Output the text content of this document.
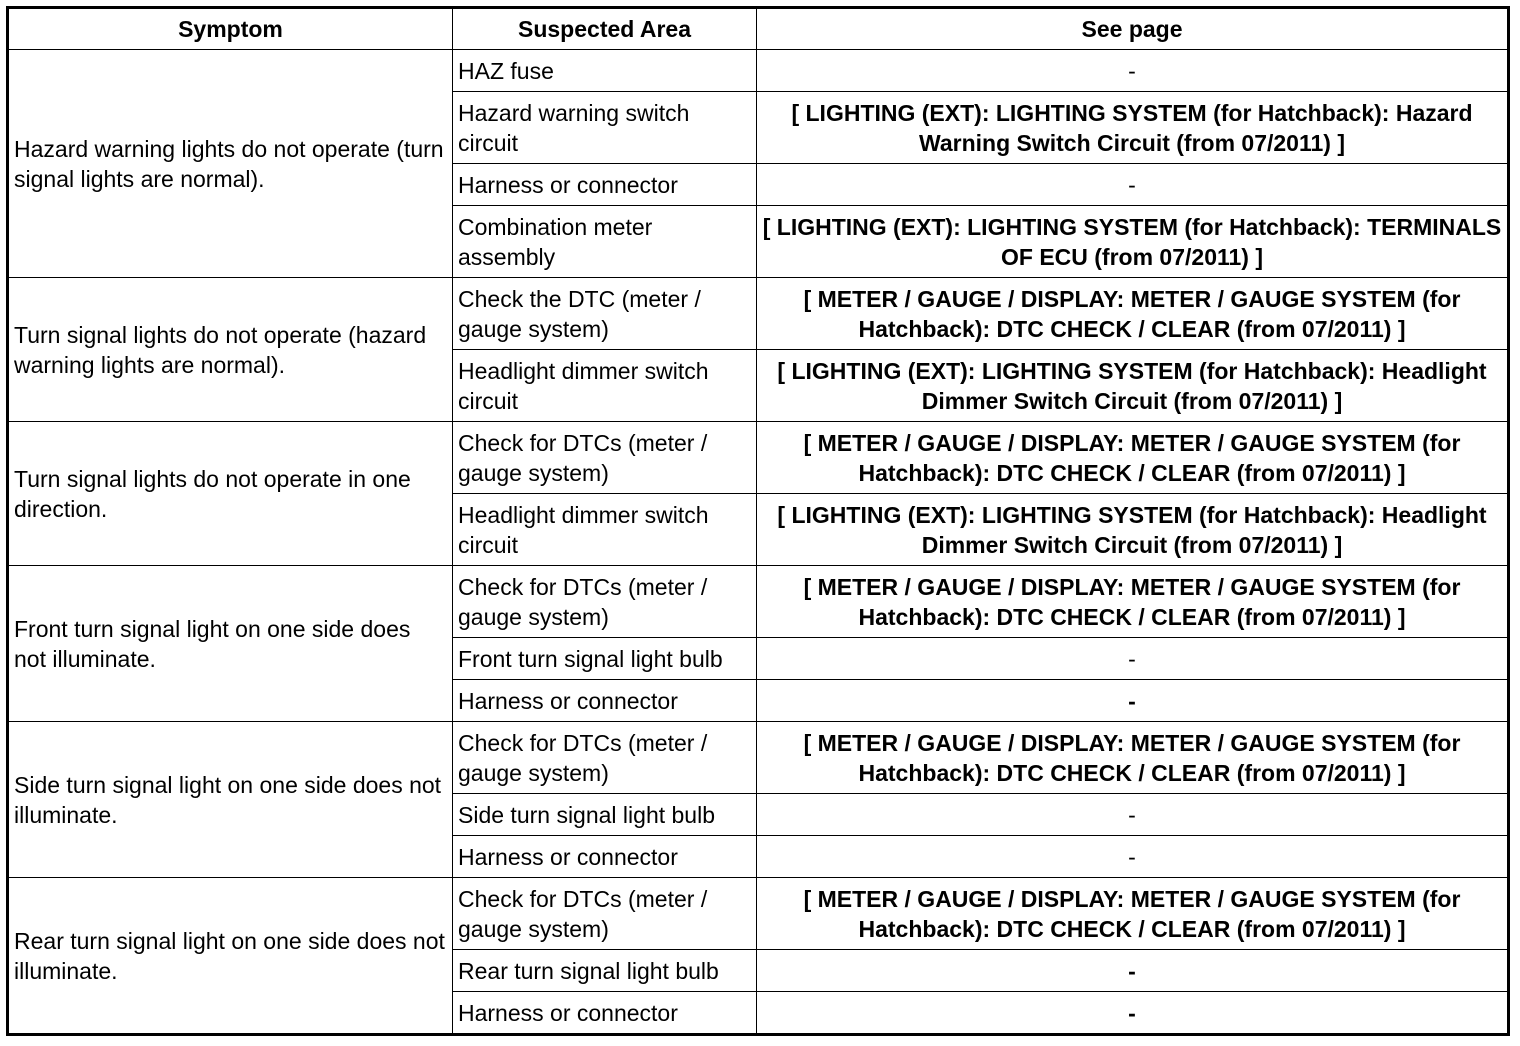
Symptom	Suspected Area	See page
Hazard warning lights do not operate (turn signal lights are normal).	HAZ fuse	-
	Hazard warning switch circuit	[ LIGHTING (EXT): LIGHTING SYSTEM (for Hatchback): Hazard Warning Switch Circuit (from 07/2011) ]
	Harness or connector	-
	Combination meter assembly	[ LIGHTING (EXT): LIGHTING SYSTEM (for Hatchback): TERMINALS OF ECU (from 07/2011) ]
Turn signal lights do not operate (hazard warning lights are normal).	Check the DTC (meter / gauge system)	[ METER / GAUGE / DISPLAY: METER / GAUGE SYSTEM (for Hatchback): DTC CHECK / CLEAR (from 07/2011) ]
	Headlight dimmer switch circuit	[ LIGHTING (EXT): LIGHTING SYSTEM (for Hatchback): Headlight Dimmer Switch Circuit (from 07/2011) ]
Turn signal lights do not operate in one direction.	Check for DTCs (meter / gauge system)	[ METER / GAUGE / DISPLAY: METER / GAUGE SYSTEM (for Hatchback): DTC CHECK / CLEAR (from 07/2011) ]
	Headlight dimmer switch circuit	[ LIGHTING (EXT): LIGHTING SYSTEM (for Hatchback): Headlight Dimmer Switch Circuit (from 07/2011) ]
Front turn signal light on one side does not illuminate.	Check for DTCs (meter / gauge system)	[ METER / GAUGE / DISPLAY: METER / GAUGE SYSTEM (for Hatchback): DTC CHECK / CLEAR (from 07/2011) ]
	Front turn signal light bulb	-
	Harness or connector	-
Side turn signal light on one side does not illuminate.	Check for DTCs (meter / gauge system)	[ METER / GAUGE / DISPLAY: METER / GAUGE SYSTEM (for Hatchback): DTC CHECK / CLEAR (from 07/2011) ]
	Side turn signal light bulb	-
	Harness or connector	-
Rear turn signal light on one side does not illuminate.	Check for DTCs (meter / gauge system)	[ METER / GAUGE / DISPLAY: METER / GAUGE SYSTEM (for Hatchback): DTC CHECK / CLEAR (from 07/2011) ]
	Rear turn signal light bulb	-
	Harness or connector	-
